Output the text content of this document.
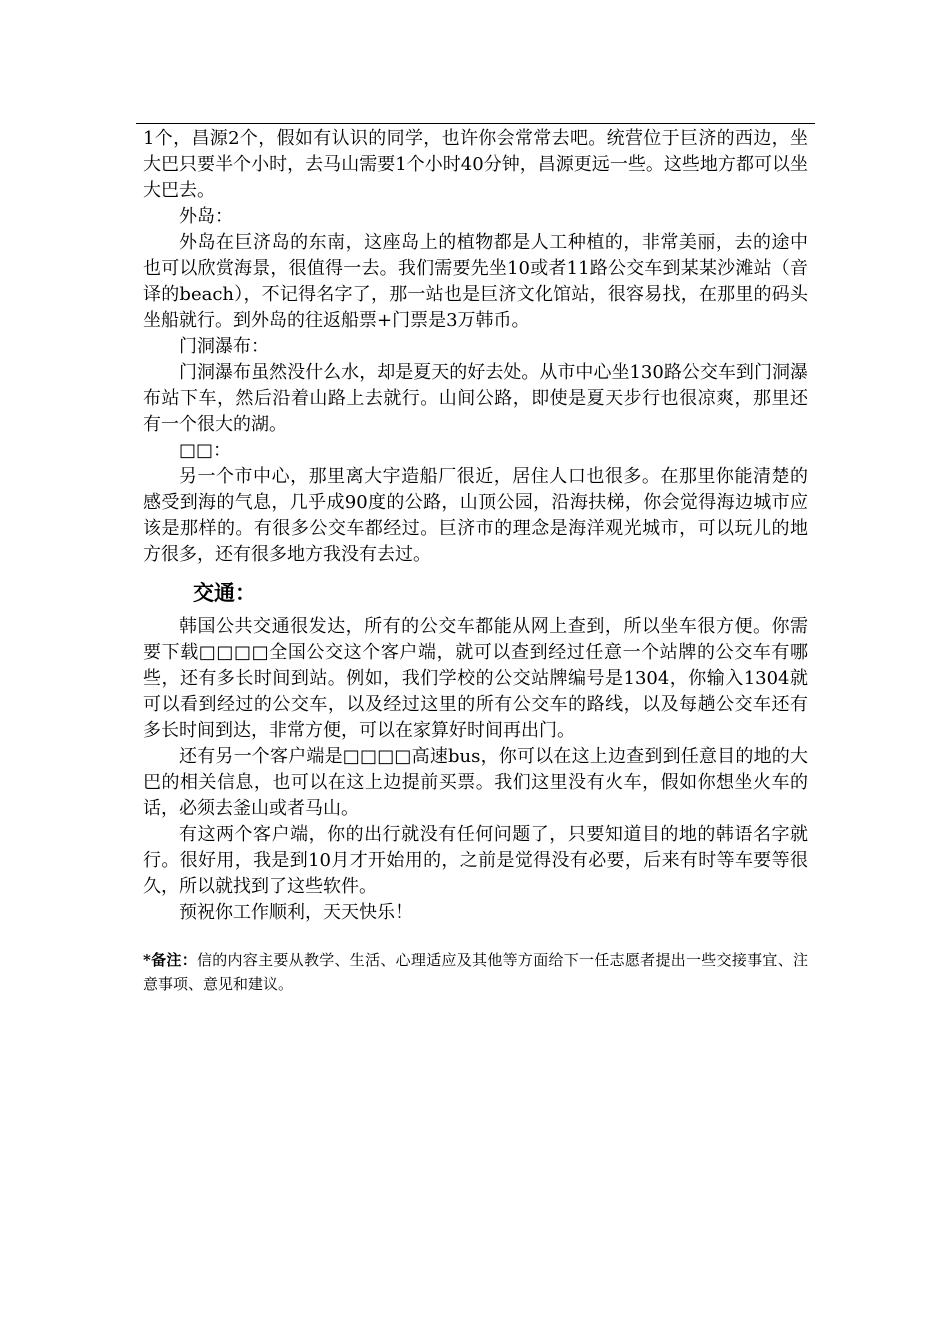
1个，昌源2个，假如有认识的同学，也许你会常常去吧。统营位于巨济的西边，坐大巴只要半个小时，去马山需要1个小时40分钟，昌源更远一些。这些地方都可以坐大巴去。

外岛：

外岛在巨济岛的东南，这座岛上的植物都是人工种植的，非常美丽，去的途中也可以欣赏海景，很值得一去。我们需要先坐10或者11路公交车到某某沙滩站（音译的beach），不记得名字了，那一站也是巨济文化馆站，很容易找，在那里的码头坐船就行。到外岛的往返船票+门票是3万韩币。

门洞瀑布：

门洞瀑布虽然没什么水，却是夏天的好去处。从市中心坐130路公交车到门洞瀑布站下车，然后沿着山路上去就行。山间公路，即使是夏天步行也很凉爽，那里还有一个很大的湖。

□□：

另一个市中心，那里离大宇造船厂很近，居住人口也很多。在那里你能清楚的感受到海的气息，几乎成90度的公路，山顶公园，沿海扶梯，你会觉得海边城市应该是那样的。有很多公交车都经过。巨济市的理念是海洋观光城市，可以玩儿的地方很多，还有很多地方我没有去过。

交通：

韩国公共交通很发达，所有的公交车都能从网上查到，所以坐车很方便。你需要下载□□□□全国公交这个客户端，就可以查到经过任意一个站牌的公交车有哪些，还有多长时间到站。例如，我们学校的公交站牌编号是1304，你输入1304就可以看到经过的公交车，以及经过这里的所有公交车的路线，以及每趟公交车还有多长时间到达，非常方便，可以在家算好时间再出门。

还有另一个客户端是□□□□高速bus，你可以在这上边查到到任意目的地的大巴的相关信息，也可以在这上边提前买票。我们这里没有火车，假如你想坐火车的话，必须去釜山或者马山。

有这两个客户端，你的出行就没有任何问题了，只要知道目的地的韩语名字就行。很好用，我是到10月才开始用的，之前是觉得没有必要，后来有时等车要等很久，所以就找到了这些软件。

预祝你工作顺利，天天快乐！

*备注：信的内容主要从教学、生活、心理适应及其他等方面给下一任志愿者提出一些交接事宜、注意事项、意见和建议。
